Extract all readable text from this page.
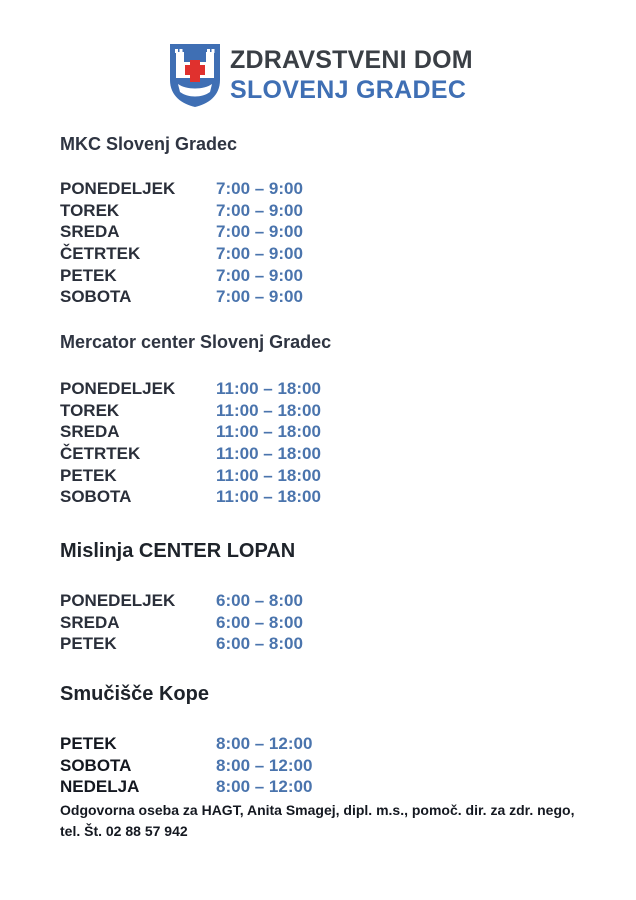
ZDRAVSTVENI DOM
SLOVENJ GRADEC
MKC Slovenj Gradec
PONEDELJEK 7:00 – 9:00
TOREK	7:00 – 9:00
SREDA	7:00 – 9:00
ČETRTEK	7:00 – 9:00
PETEK	7:00 – 9:00
SOBOTA	7:00 – 9:00
Mercator center Slovenj Gradec
PONEDELJEK 11:00 – 18:00
TOREK	11:00 – 18:00
SREDA	11:00 – 18:00
ČETRTEK	11:00 – 18:00
PETEK	11:00 – 18:00
SOBOTA	11:00 – 18:00
Mislinja CENTER LOPAN
PONEDELJEK 6:00 – 8:00
SREDA	6:00 – 8:00
PETEK	6:00 – 8:00
Smučišče Kope
PETEK	8:00 – 12:00
SOBOTA	8:00 – 12:00
NEDELJA	8:00 – 12:00
Odgovorna oseba za HAGT, Anita Smagej, dipl. m.s., pomoč. dir. za zdr. nego, tel. Št. 02 88 57 942
